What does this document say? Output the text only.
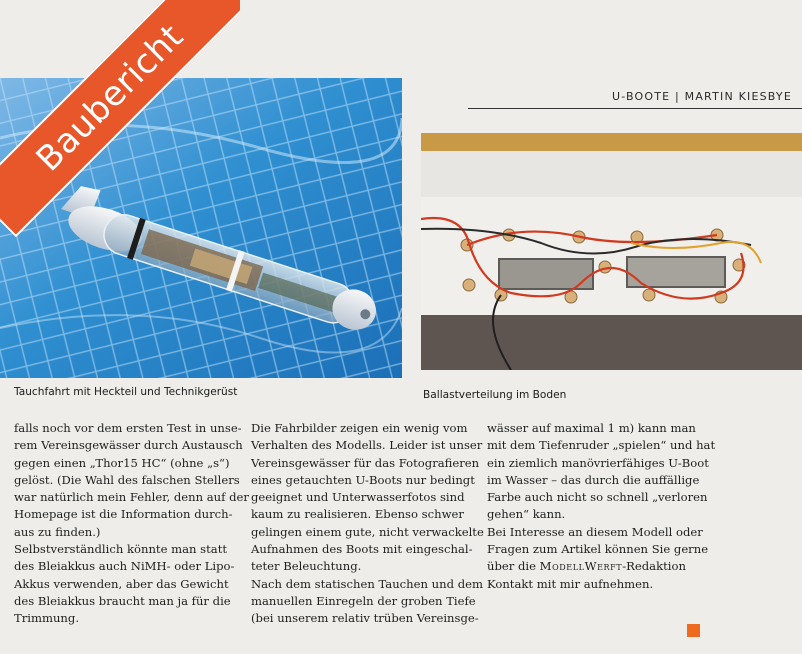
U-BOOTE | MARTIN KIESBYE
Tauchfahrt mit Heckteil und Technikgerüst	Ballastverteilung im Boden

falls noch vor dem ersten Test in unse-

rem Vereinsgewässer durch Austausch

gegen einen „Thor15 HC“ (ohne „s“)

gelöst. (Die Wahl des falschen Stellers

war natürlich mein Fehler, denn auf der

Homepage ist die Information durch-

aus zu finden.)

Selbstverständlich könnte man statt

des Bleiakkus auch NiMH- oder Lipo-

Akkus verwenden, aber das Gewicht

des Bleiakkus braucht man ja für die

Trimmung.

Die Fahrbilder zeigen ein wenig vom

Verhalten des Modells. Leider ist unser

Vereinsgewässer für das Fotografieren

eines getauchten U-Boots nur bedingt

geeignet und Unterwasserfotos sind

kaum zu realisieren. Ebenso schwer

gelingen einem gute, nicht verwackelte

Aufnahmen des Boots mit eingeschal-

teter Beleuchtung.

Nach dem statischen Tauchen und dem

manuellen Einregeln der groben Tiefe

(bei unserem relativ trüben Vereinsge-

wässer auf maximal 1 m) kann man

mit dem Tiefenruder „spielen“ und hat

ein ziemlich manövrierfähiges U-Boot

im Wasser – das durch die auffällige

Farbe auch nicht so schnell „verloren

gehen“ kann.

Bei Interesse an diesem Modell oder

Fragen zum Artikel können Sie gerne

über die ModellWerft-Redaktion

Kontakt mit mir aufnehmen.

Baubericht
